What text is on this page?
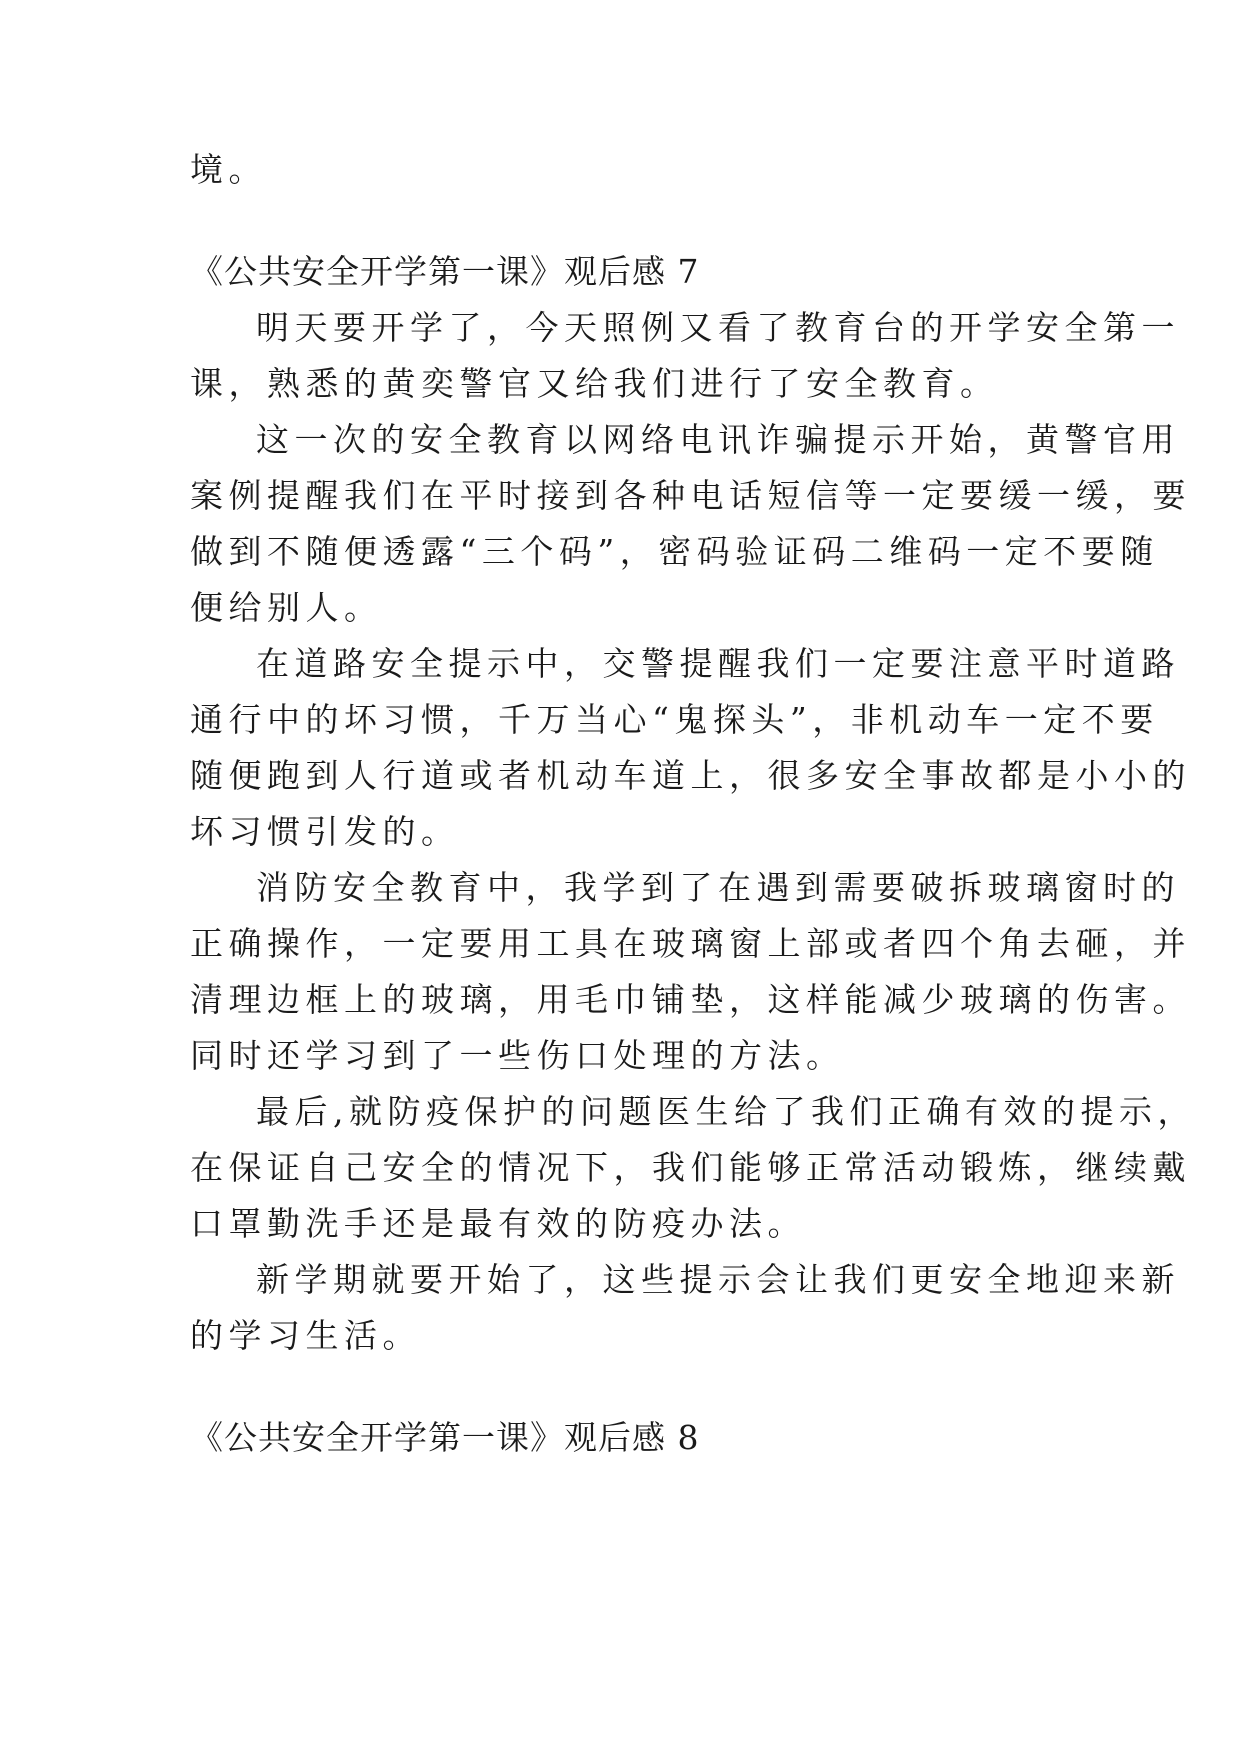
境。
《公共安全开学第一课》观后感 7
明天要开学了，今天照例又看了教育台的开学安全第一
课，熟悉的黄奕警官又给我们进行了安全教育。
这一次的安全教育以网络电讯诈骗提示开始，黄警官用
案例提醒我们在平时接到各种电话短信等一定要缓一缓，要
做到不随便透露“三个码”，密码验证码二维码一定不要随
便给别人。
在道路安全提示中，交警提醒我们一定要注意平时道路
通行中的坏习惯，千万当心“鬼探头”，非机动车一定不要
随便跑到人行道或者机动车道上，很多安全事故都是小小的
坏习惯引发的。
消防安全教育中，我学到了在遇到需要破拆玻璃窗时的
正确操作，一定要用工具在玻璃窗上部或者四个角去砸，并
清理边框上的玻璃，用毛巾铺垫，这样能减少玻璃的伤害。
同时还学习到了一些伤口处理的方法。
最后,就防疫保护的问题医生给了我们正确有效的提示，
在保证自己安全的情况下，我们能够正常活动锻炼，继续戴
口罩勤洗手还是最有效的防疫办法。
新学期就要开始了，这些提示会让我们更安全地迎来新
的学习生活。
《公共安全开学第一课》观后感 8
